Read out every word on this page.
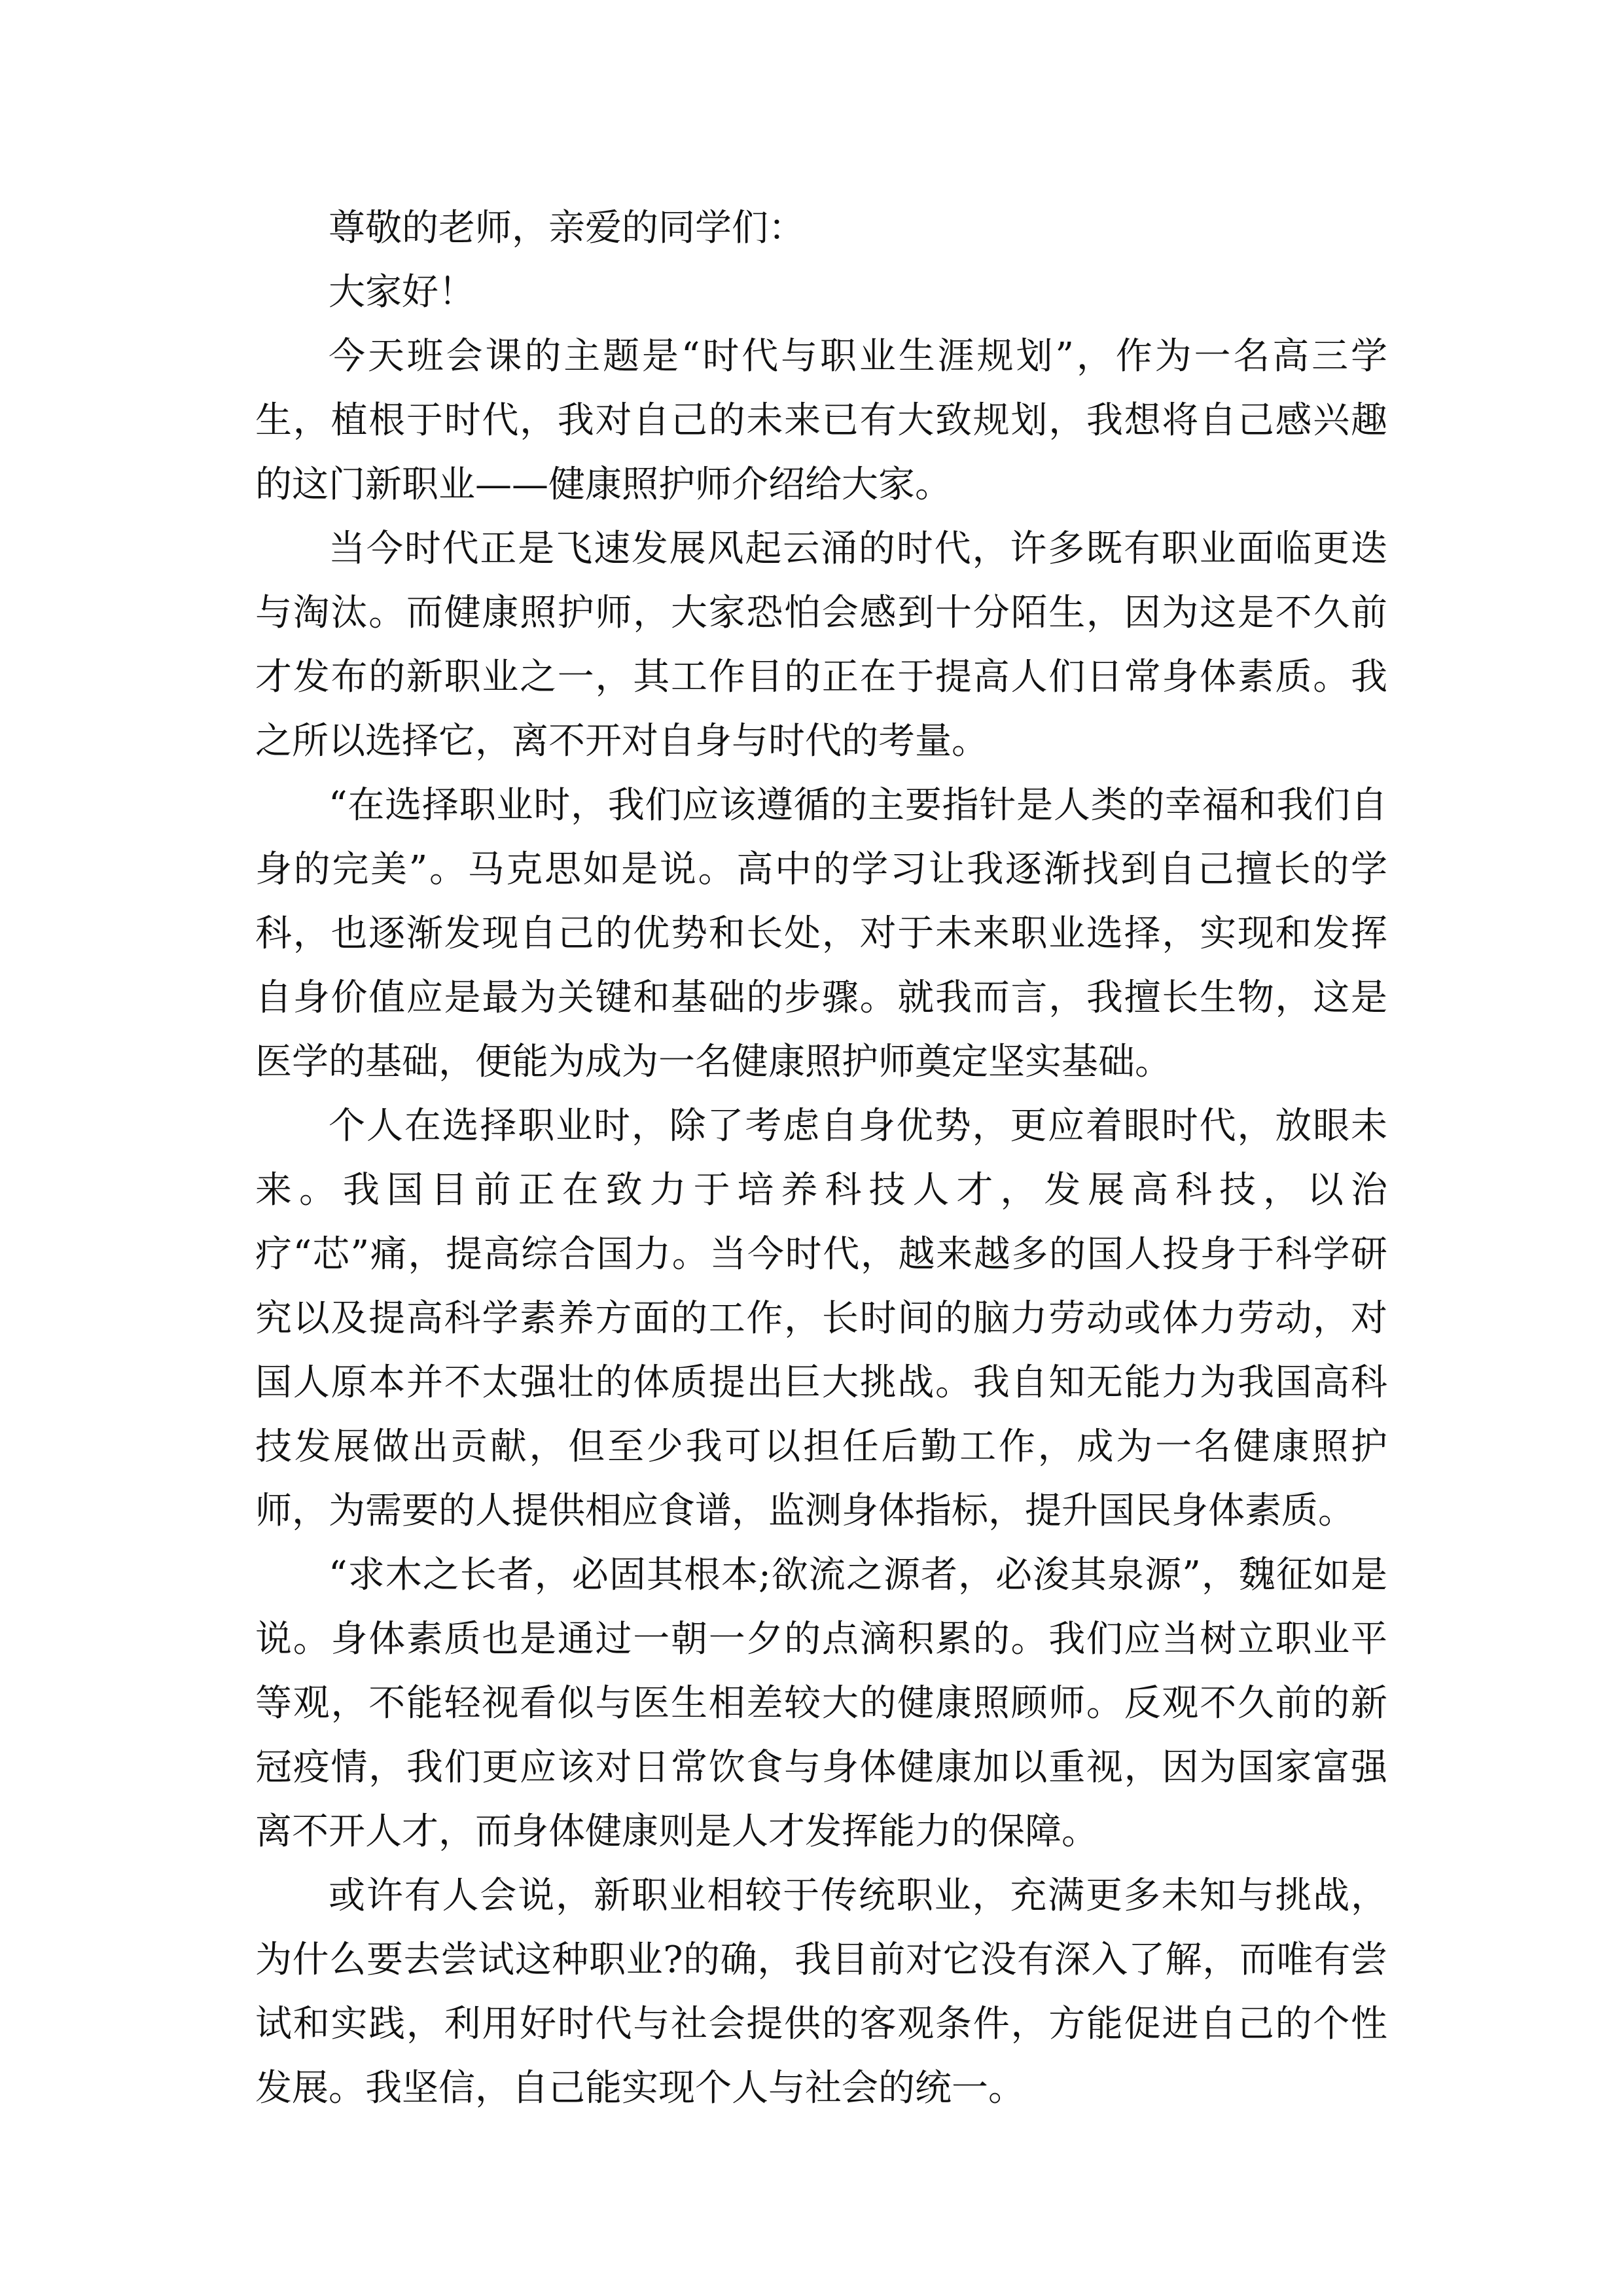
尊敬的老师，亲爱的同学们：

大家好！

今天班会课的主题是“时代与职业生涯规划”，作为一名高三学生，植根于时代，我对自己的未来已有大致规划，我想将自己感兴趣的这门新职业——健康照护师介绍给大家。

当今时代正是飞速发展风起云涌的时代，许多既有职业面临更迭与淘汰。而健康照护师，大家恐怕会感到十分陌生，因为这是不久前才发布的新职业之一，其工作目的正在于提高人们日常身体素质。我之所以选择它，离不开对自身与时代的考量。

“在选择职业时，我们应该遵循的主要指针是人类的幸福和我们自身的完美”。马克思如是说。高中的学习让我逐渐找到自己擅长的学科，也逐渐发现自己的优势和长处，对于未来职业选择，实现和发挥自身价值应是最为关键和基础的步骤。就我而言，我擅长生物，这是医学的基础，便能为成为一名健康照护师奠定坚实基础。

个人在选择职业时，除了考虑自身优势，更应着眼时代，放眼未来。我国目前正在致力于培养科技人才，发展高科技，以治疗“芯”痛，提高综合国力。当今时代，越来越多的国人投身于科学研究以及提高科学素养方面的工作，长时间的脑力劳动或体力劳动，对国人原本并不太强壮的体质提出巨大挑战。我自知无能力为我国高科技发展做出贡献，但至少我可以担任后勤工作，成为一名健康照护师，为需要的人提供相应食谱，监测身体指标，提升国民身体素质。

“求木之长者，必固其根本;欲流之源者，必浚其泉源”，魏征如是说。身体素质也是通过一朝一夕的点滴积累的。我们应当树立职业平等观，不能轻视看似与医生相差较大的健康照顾师。反观不久前的新冠疫情，我们更应该对日常饮食与身体健康加以重视，因为国家富强离不开人才，而身体健康则是人才发挥能力的保障。

或许有人会说，新职业相较于传统职业，充满更多未知与挑战，为什么要去尝试这种职业?的确，我目前对它没有深入了解，而唯有尝试和实践，利用好时代与社会提供的客观条件，方能促进自己的个性发展。我坚信，自己能实现个人与社会的统一。
